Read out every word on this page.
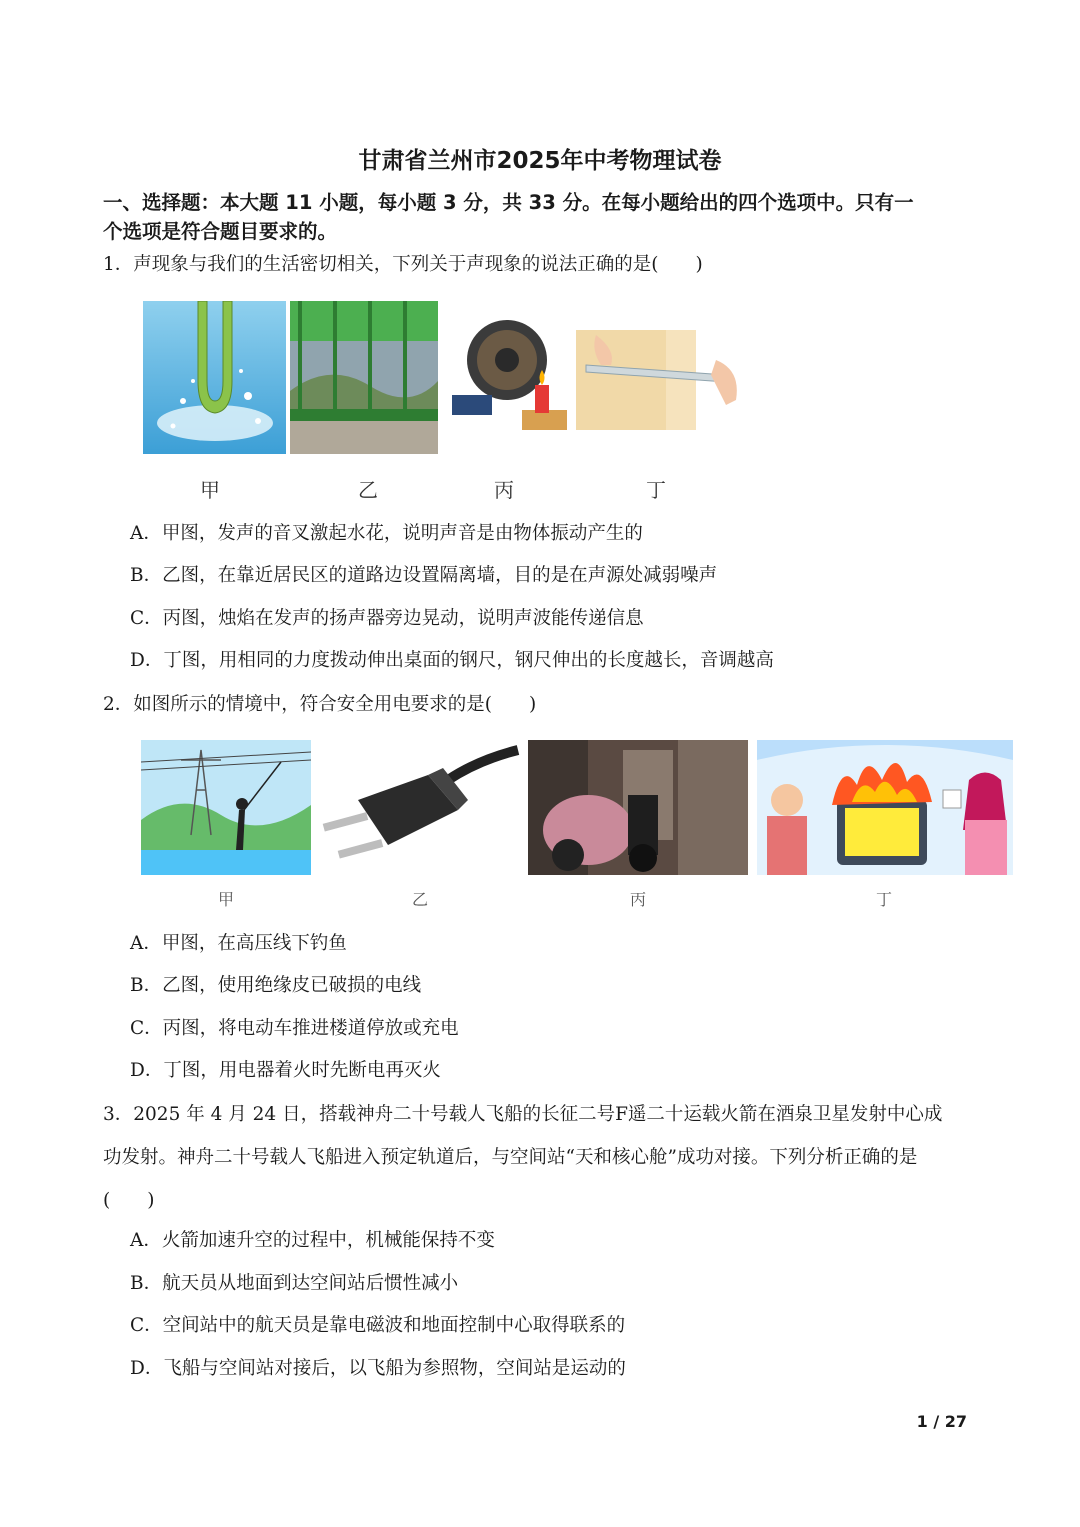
甘肃省兰州市2025年中考物理试卷
一、选择题：本大题 11 小题，每小题 3 分，共 33 分。在每小题给出的四个选项中。只有一
个选项是符合题目要求的。
1．声现象与我们的生活密切相关，下列关于声现象的说法正确的是(　　)
甲	乙	丙	丁
A．甲图，发声的音叉激起水花，说明声音是由物体振动产生的
B．乙图，在靠近居民区的道路边设置隔离墙，目的是在声源处减弱噪声
C．丙图，烛焰在发声的扬声器旁边晃动，说明声波能传递信息
D．丁图，用相同的力度拨动伸出桌面的钢尺，钢尺伸出的长度越长，音调越高
2．如图所示的情境中，符合安全用电要求的是(　　)
甲	乙	丙	丁
A．甲图，在高压线下钓鱼
B．乙图，使用绝缘皮已破损的电线
C．丙图，将电动车推进楼道停放或充电
D．丁图，用电器着火时先断电再灭火
3．2025 年 4 月 24 日，搭载神舟二十号载人飞船的长征二号F遥二十运载火箭在酒泉卫星发射中心成
功发射。神舟二十号载人飞船进入预定轨道后，与空间站“天和核心舱”成功对接。下列分析正确的是
(　　)
A．火箭加速升空的过程中，机械能保持不变
B．航天员从地面到达空间站后惯性减小
C．空间站中的航天员是靠电磁波和地面控制中心取得联系的
D．飞船与空间站对接后，以飞船为参照物，空间站是运动的
1 / 27
